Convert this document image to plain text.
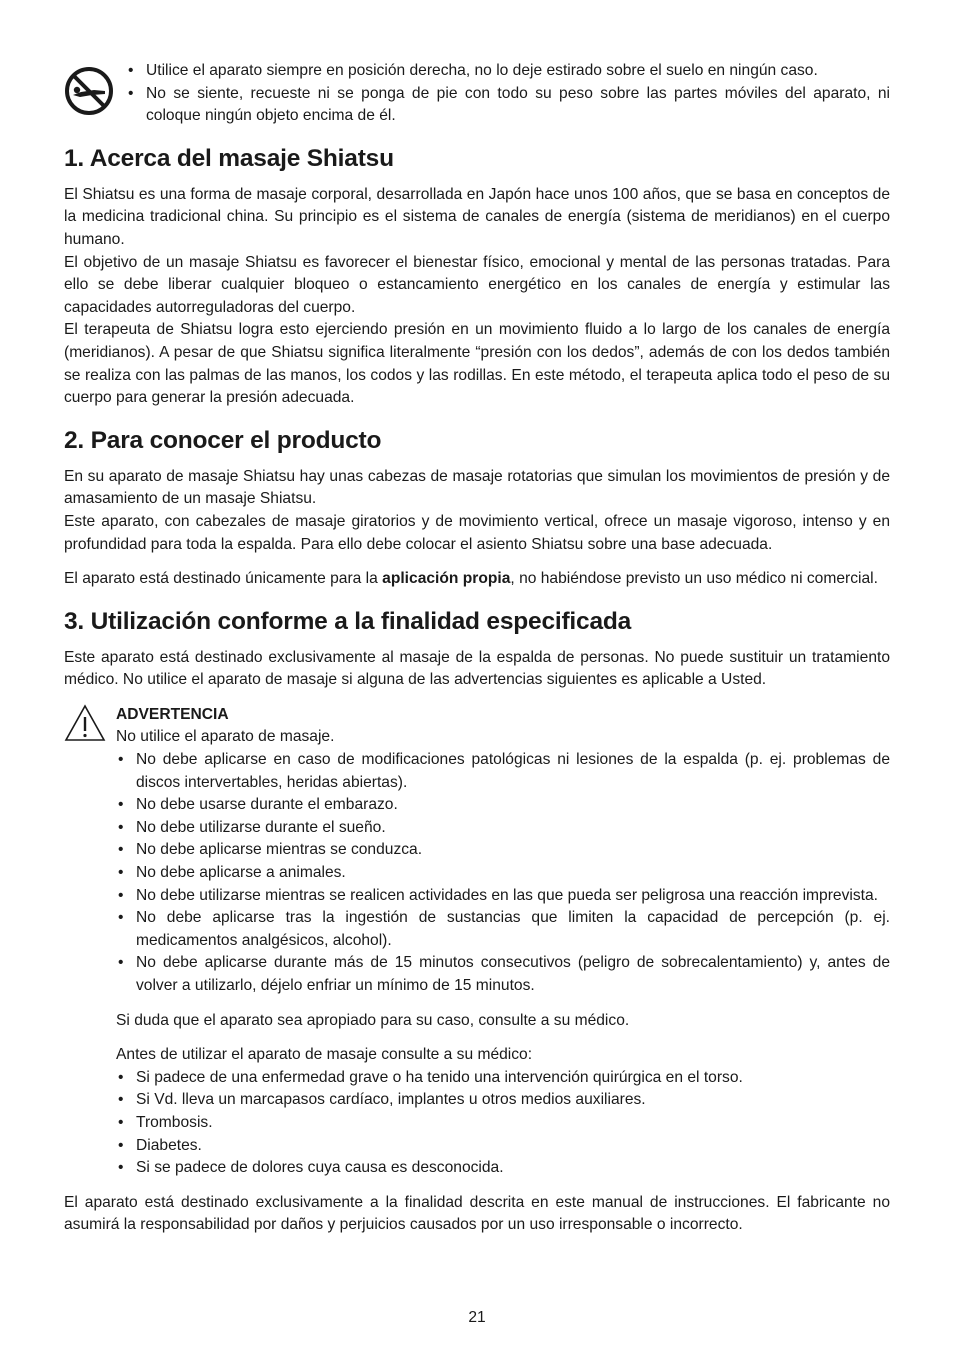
• Utilice el aparato siempre en posición derecha, no lo deje estirado sobre el suelo en ningún caso.
• No se siente, recueste ni se ponga de pie con todo su peso sobre las partes móviles del aparato, ni coloque ningún objeto encima de él.
1. Acerca del masaje Shiatsu

El Shiatsu es una forma de masaje corporal, desarrollada en Japón hace unos 100 años, que se basa en conceptos de la medicina tradicional china. Su principio es el sistema de canales de energía (sistema de meridianos) en el cuerpo humano.

El objetivo de un masaje Shiatsu es favorecer el bienestar físico, emocional y mental de las personas tratadas. Para ello se debe liberar cualquier bloqueo o estancamiento energético en los canales de energía y estimular las capacidades autorreguladoras del cuerpo.

El terapeuta de Shiatsu logra esto ejerciendo presión en un movimiento fluido a lo largo de los canales de energía (meridianos). A pesar de que Shiatsu significa literalmente “presión con los dedos”, además de con los dedos también se realiza con las palmas de las manos, los codos y las rodillas. En este método, el terapeuta aplica todo el peso de su cuerpo para generar la presión adecuada.

2. Para conocer el producto

En su aparato de masaje Shiatsu hay unas cabezas de masaje rotatorias que simulan los movimientos de presión y de amasamiento de un masaje Shiatsu.

Este aparato, con cabezales de masaje giratorios y de movimiento vertical, ofrece un masaje vigoroso, intenso y en profundidad para toda la espalda. Para ello debe colocar el asiento Shiatsu sobre una base adecuada.

El aparato está destinado únicamente para la aplicación propia, no habiéndose previsto un uso médico ni comercial.

3. Utilización conforme a la finalidad especificada

Este aparato está destinado exclusivamente al masaje de la espalda de personas. No puede sustituir un tratamiento médico. No utilice el aparato de masaje si alguna de las advertencias siguientes es aplicable a Usted.

ADVERTENCIA

No utilice el aparato de masaje.

• No debe aplicarse en caso de modificaciones patológicas ni lesiones de la espalda (p. ej. problemas de discos intervertables, heridas abiertas).
• No debe usarse durante el embarazo.
• No debe utilizarse durante el sueño.
• No debe aplicarse mientras se conduzca.
• No debe aplicarse a animales.
• No debe utilizarse mientras se realicen actividades en las que pueda ser peligrosa una reacción imprevista.
• No debe aplicarse tras la ingestión de sustancias que limiten la capacidad de percepción (p. ej. medicamentos analgésicos, alcohol).
• No debe aplicarse durante más de 15 minutos consecutivos (peligro de sobrecalentamiento) y, antes de volver a utilizarlo, déjelo enfriar un mínimo de 15 minutos.

Si duda que el aparato sea apropiado para su caso, consulte a su médico.

Antes de utilizar el aparato de masaje consulte a su médico:

• Si padece de una enfermedad grave o ha tenido una intervención quirúrgica en el torso.
• Si Vd. lleva un marcapasos cardíaco, implantes u otros medios auxiliares.
• Trombosis.
• Diabetes.
• Si se padece de dolores cuya causa es desconocida.

El aparato está destinado exclusivamente a la finalidad descrita en este manual de instrucciones. El fabricante no asumirá la responsabilidad por daños y perjuicios causados por un uso irresponsable o incorrecto.

21
